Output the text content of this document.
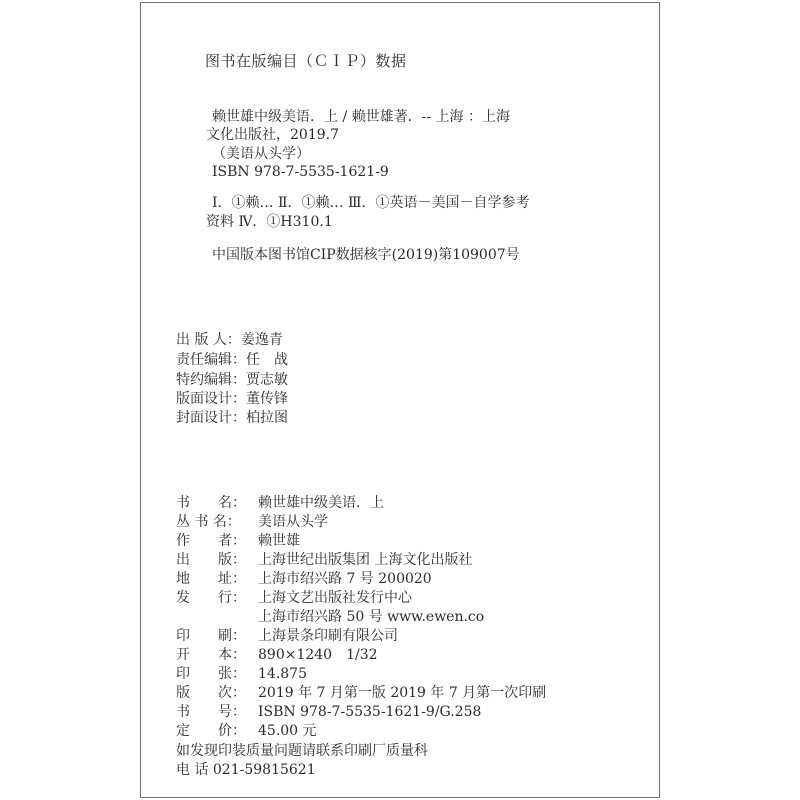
图书在版编目（ＣＩＰ）数据
赖世雄中级美语．上 / 赖世雄著．-- 上海 ：上海
文化出版社，2019.7
（美语从头学）
ISBN 978-7-5535-1621-9
Ⅰ．①赖… Ⅱ．①赖… Ⅲ．①英语－美国－自学参考
资料 Ⅳ．①H310.1
中国版本图书馆CIP数据核字(2019)第109007号
出 版 人：姜逸青
责任编辑：任　战
特约编辑：贾志敏
版面设计：董传锋
封面设计：柏拉图
书　　名： 赖世雄中级美语．上
丛 书 名： 美语从头学
作　　者： 赖世雄
出　　版： 上海世纪出版集团 上海文化出版社
地　　址： 上海市绍兴路 7 号 200020
发　　行： 上海文艺出版社发行中心
上海市绍兴路 50 号 www.ewen.co
印　　刷： 上海景条印刷有限公司
开　　本： 890×1240　1/32
印　　张： 14.875
版　　次： 2019 年 7 月第一版 2019 年 7 月第一次印刷
书　　号： ISBN 978-7-5535-1621-9/G.258
定　　价： 45.00 元
如发现印装质量问题请联系印刷厂质量科
电 话 021-59815621
